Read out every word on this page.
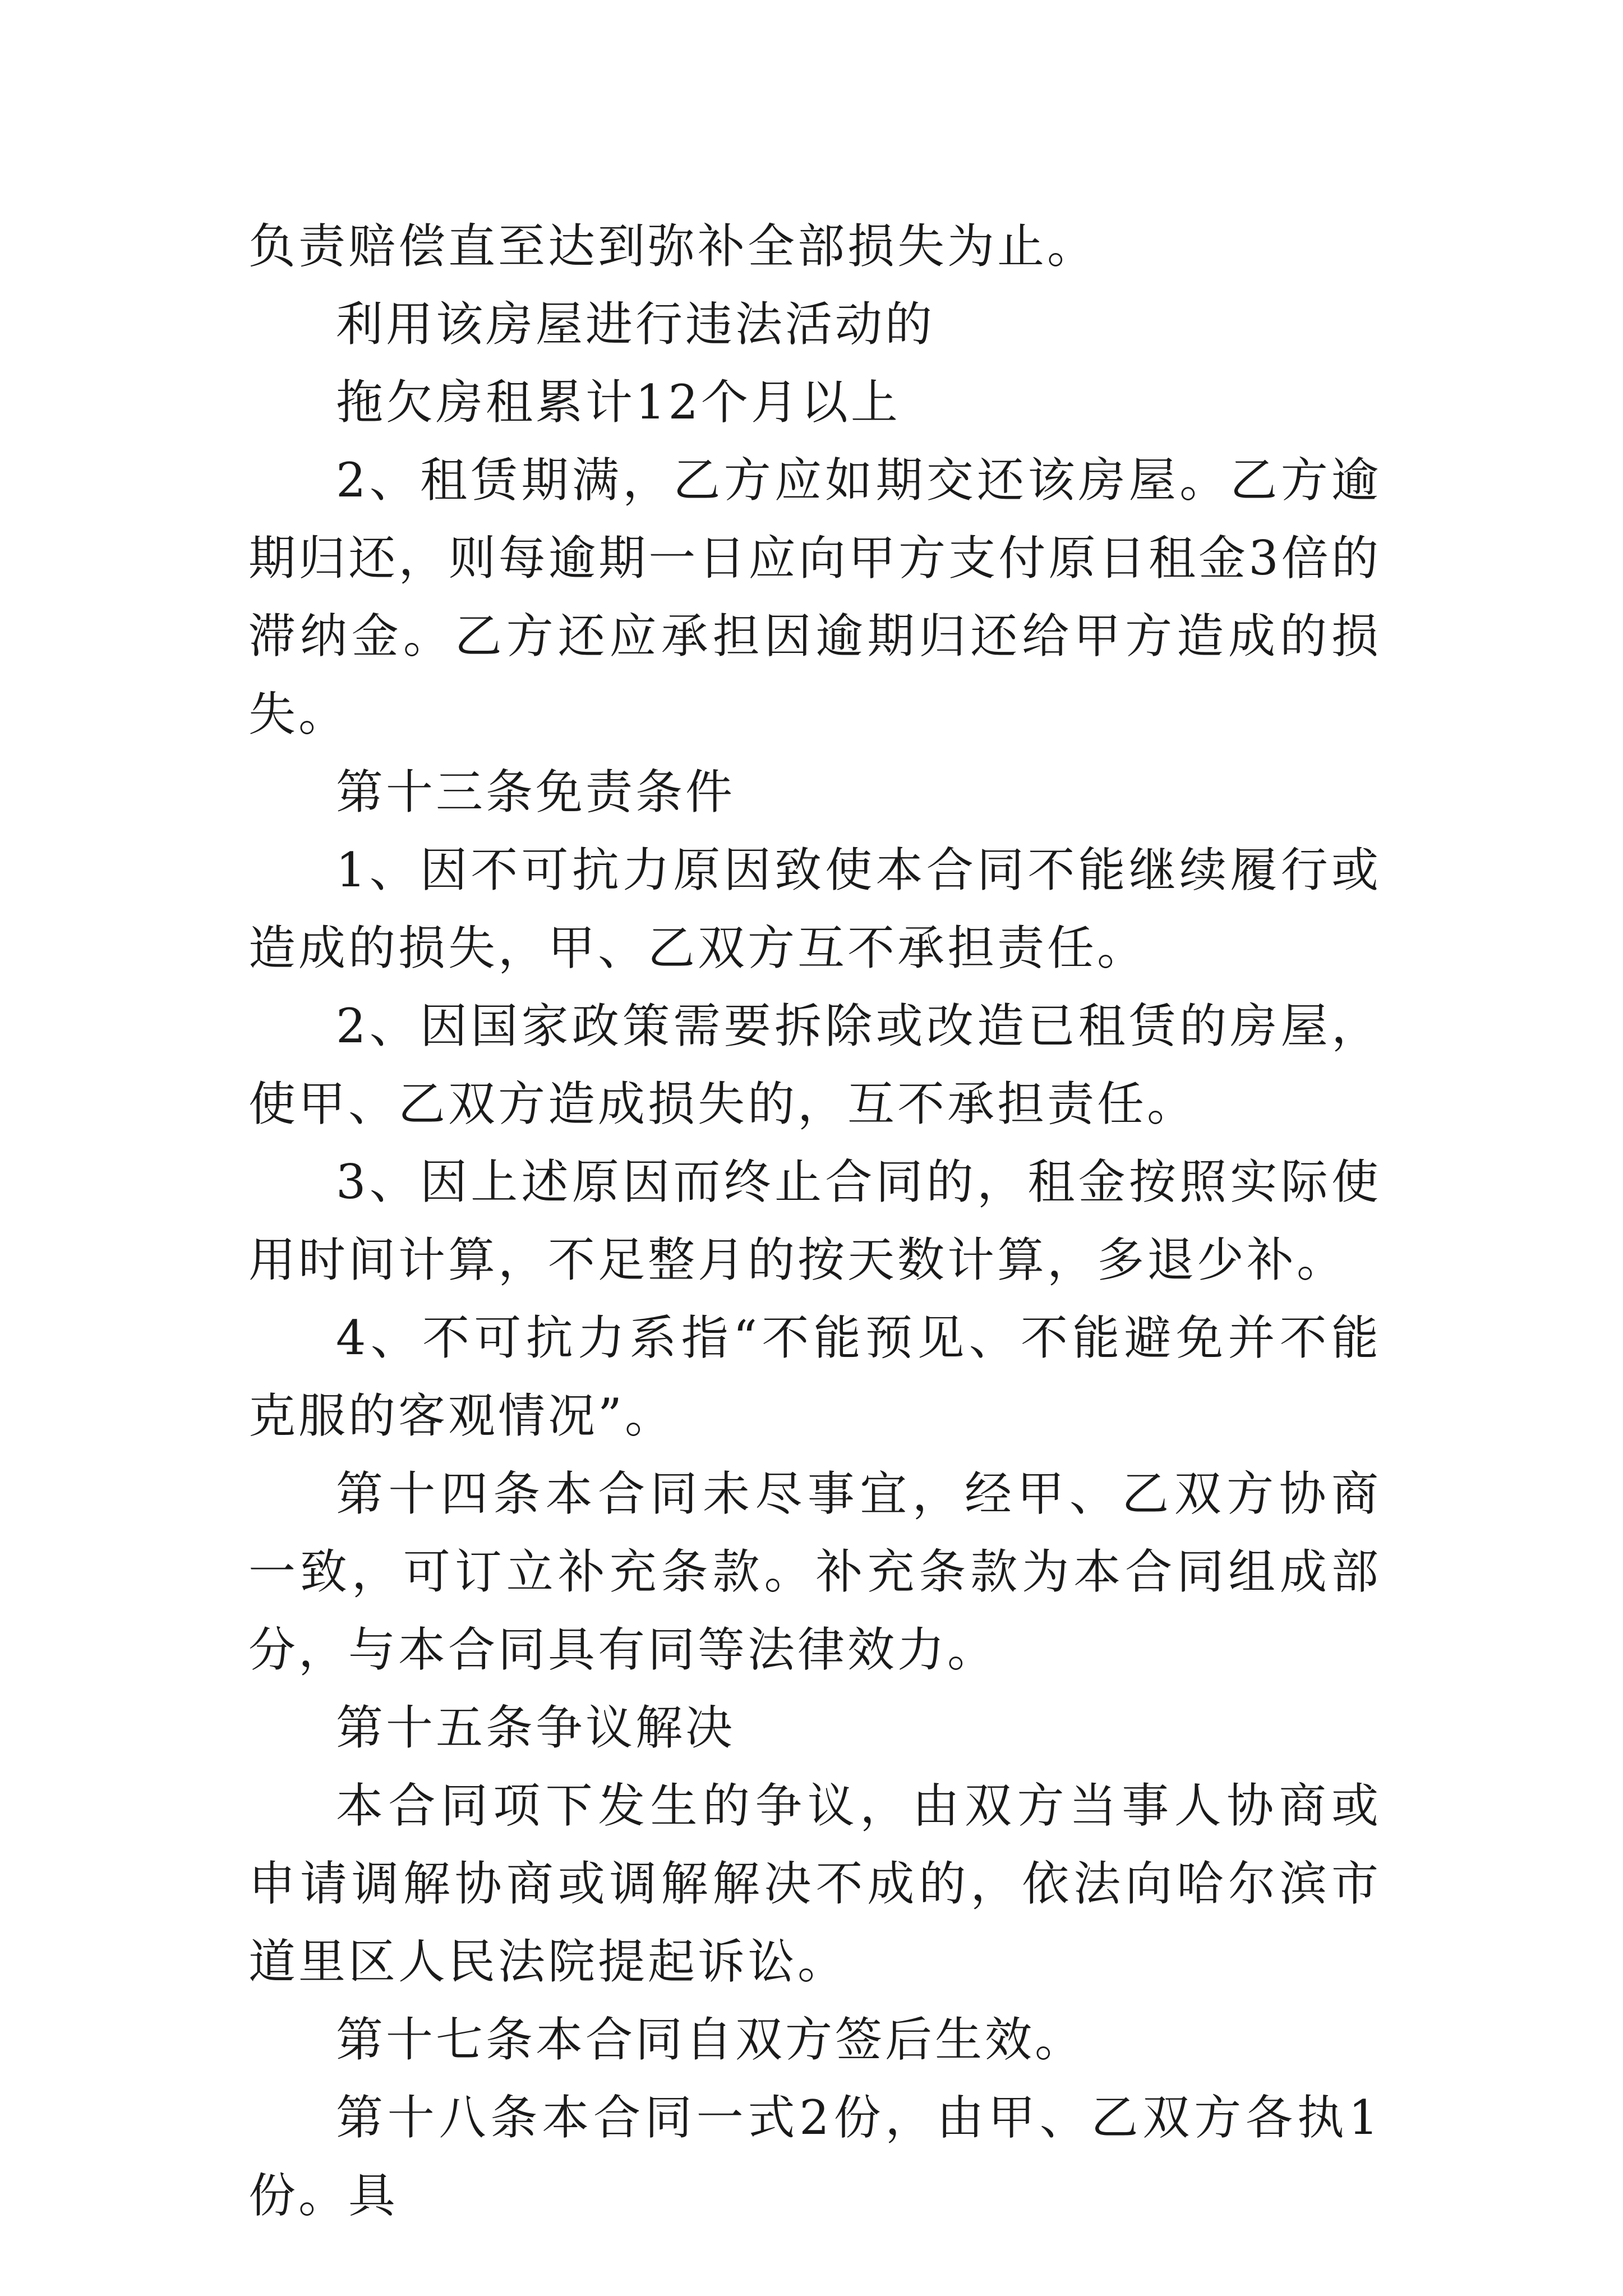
负责赔偿直至达到弥补全部损失为止。

利用该房屋进行违法活动的

拖欠房租累计12个月以上

2、租赁期满，乙方应如期交还该房屋。乙方逾期归还，则每逾期一日应向甲方支付原日租金3倍的滞纳金。乙方还应承担因逾期归还给甲方造成的损失。

第十三条免责条件

1、因不可抗力原因致使本合同不能继续履行或造成的损失，甲、乙双方互不承担责任。

2、因国家政策需要拆除或改造已租赁的房屋，使甲、乙双方造成损失的，互不承担责任。

3、因上述原因而终止合同的，租金按照实际使用时间计算，不足整月的按天数计算，多退少补。

4、不可抗力系指“不能预见、不能避免并不能克服的客观情况”。

第十四条本合同未尽事宜，经甲、乙双方协商一致，可订立补充条款。补充条款为本合同组成部分，与本合同具有同等法律效力。

第十五条争议解决

本合同项下发生的争议，由双方当事人协商或申请调解协商或调解解决不成的，依法向哈尔滨市道里区人民法院提起诉讼。

第十七条本合同自双方签后生效。

第十八条本合同一式2份，由甲、乙双方各执1份。具
